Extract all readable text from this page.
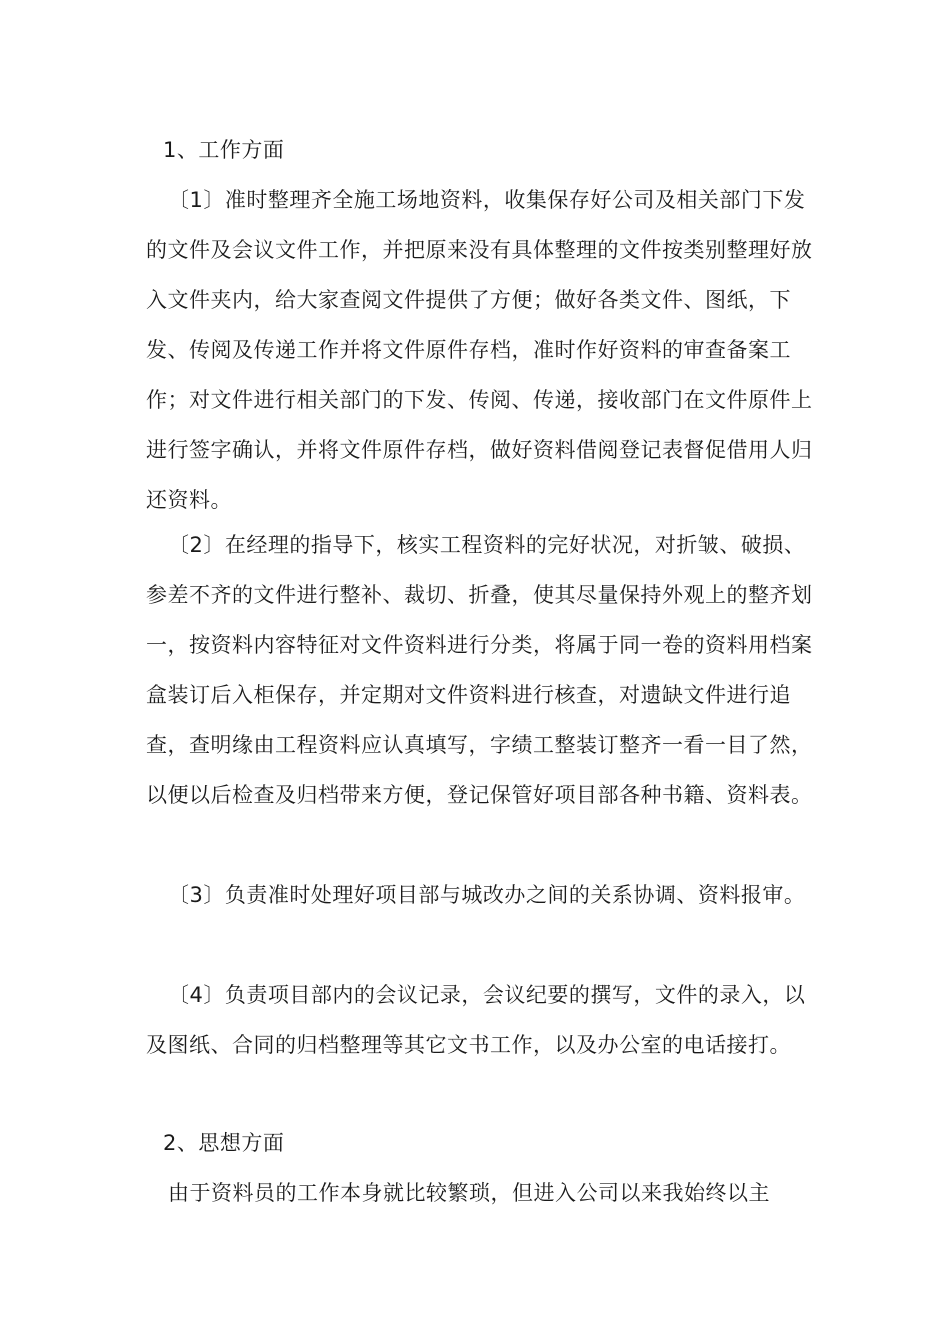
1、工作方面

〔1〕准时整理齐全施工场地资料，收集保存好公司及相关部门下发的文件及会议文件工作，并把原来没有具体整理的文件按类别整理好放入文件夹内，给大家查阅文件提供了方便；做好各类文件、图纸，下发、传阅及传递工作并将文件原件存档，准时作好资料的审查备案工作；对文件进行相关部门的下发、传阅、传递，接收部门在文件原件上进行签字确认，并将文件原件存档，做好资料借阅登记表督促借用人归还资料。

〔2〕在经理的指导下，核实工程资料的完好状况，对折皱、破损、参差不齐的文件进行整补、裁切、折叠，使其尽量保持外观上的整齐划一，按资料内容特征对文件资料进行分类，将属于同一卷的资料用档案盒装订后入柜保存，并定期对文件资料进行核查，对遗缺文件进行追查，查明缘由工程资料应认真填写，字绩工整装订整齐一看一目了然，以便以后检查及归档带来方便，登记保管好项目部各种书籍、资料表。

〔3〕负责准时处理好项目部与城改办之间的关系协调、资料报审。

〔4〕负责项目部内的会议记录，会议纪要的撰写，文件的录入，以及图纸、合同的归档整理等其它文书工作，以及办公室的电话接打。

2、思想方面

由于资料员的工作本身就比较繁琐，但进入公司以来我始终以主
